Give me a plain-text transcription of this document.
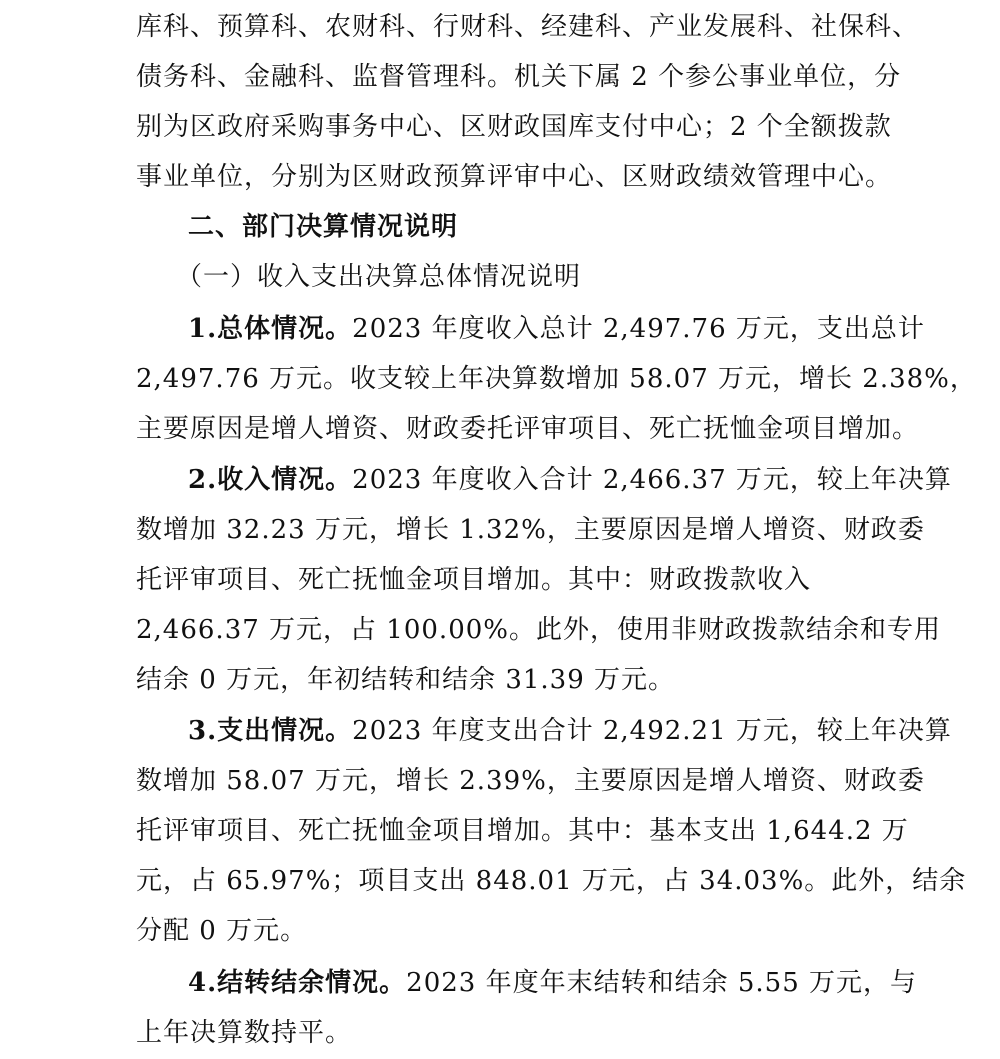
库科、预算科、农财科、行财科、经建科、产业发展科、社保科、
债务科、金融科、监督管理科。机关下属 2 个参公事业单位，分
别为区政府采购事务中心、区财政国库支付中心；2 个全额拨款
事业单位，分别为区财政预算评审中心、区财政绩效管理中心。
二、部门决算情况说明
（一）收入支出决算总体情况说明
1.总体情况。2023 年度收入总计 2,497.76 万元，支出总计
2,497.76 万元。收支较上年决算数增加 58.07 万元，增长 2.38%，
主要原因是增人增资、财政委托评审项目、死亡抚恤金项目增加。
2.收入情况。2023 年度收入合计 2,466.37 万元，较上年决算
数增加 32.23 万元，增长 1.32%，主要原因是增人增资、财政委
托评审项目、死亡抚恤金项目增加。其中：财政拨款收入
2,466.37 万元，占 100.00%。此外，使用非财政拨款结余和专用
结余 0 万元，年初结转和结余 31.39 万元。
3.支出情况。2023 年度支出合计 2,492.21 万元，较上年决算
数增加 58.07 万元，增长 2.39%，主要原因是增人增资、财政委
托评审项目、死亡抚恤金项目增加。其中：基本支出 1,644.2 万
元，占 65.97%；项目支出 848.01 万元，占 34.03%。此外，结余
分配 0 万元。
4.结转结余情况。2023 年度年末结转和结余 5.55 万元，与
上年决算数持平。
